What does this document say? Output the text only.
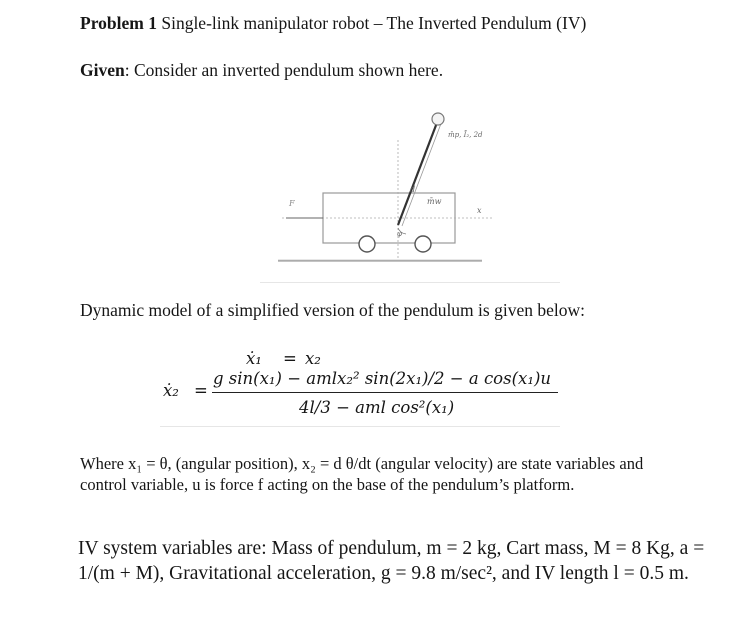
Problem 1 Single-link manipulator robot – The Inverted Pendulum (IV)
Given: Consider an inverted pendulum shown here.
m̄p, Ī₂, 2d
F	m̄w
x
d
φ
Dynamic model of a simplified version of the pendulum is given below:
ẋ₁ = x₂
ẋ₂ =
g sin(x₁) − amlx₂² sin(2x₁)/2 − a cos(x₁)u
4l/3 − aml cos²(x₁)
Where x₁ = θ, (angular position), x₂ = d θ/dt (angular velocity) are state variables and control variable, u is force f acting on the base of the pendulum’s platform.
IV system variables are: Mass of pendulum, m = 2 kg, Cart mass, M = 8 Kg, a = 1/(m + M), Gravitational acceleration, g = 9.8 m/sec², and IV length l = 0.5 m.
